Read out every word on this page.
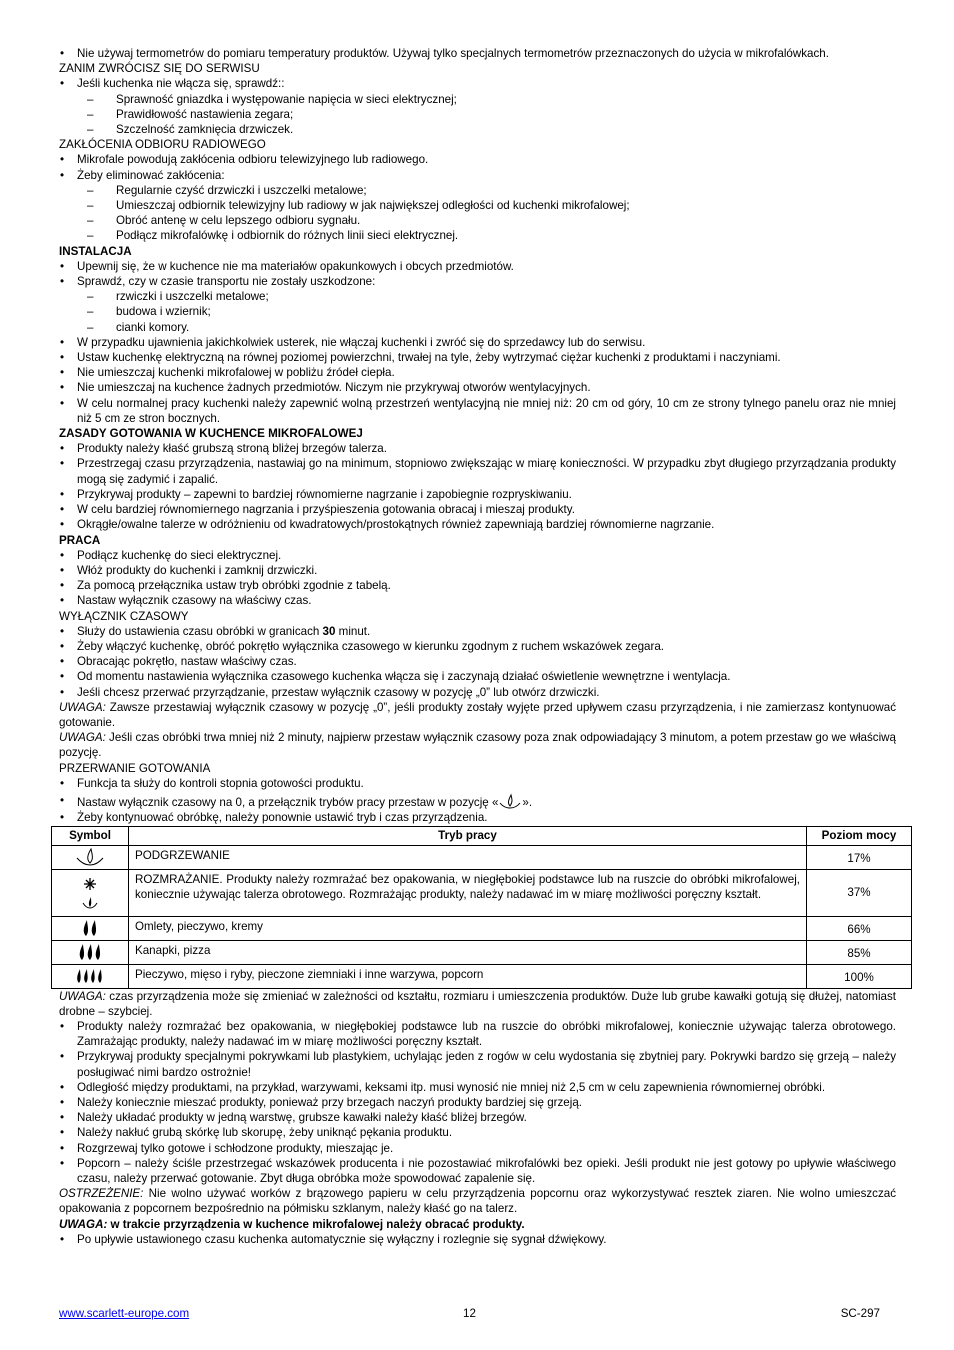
• Nie używaj termometrów do pomiaru temperatury produktów. Używaj tylko specjalnych termometrów przeznaczonych do użycia w mikrofalówkach.
ZANIM ZWRÓCISZ SIĘ DO SERWISU
• Jeśli kuchenka nie włącza się, sprawdź::
– Sprawność gniazdka i występowanie napięcia w sieci elektrycznej;
– Prawidłowość nastawienia zegara;
– Szczelność zamknięcia drzwiczek.
ZAKŁÓCENIA ODBIORU RADIOWEGO
• Mikrofale powodują zakłócenia odbioru telewizyjnego lub radiowego.
• Żeby eliminować zakłócenia:
– Regularnie czyść drzwiczki i uszczelki metalowe;
– Umieszczaj odbiornik telewizyjny lub radiowy w jak największej odległości od kuchenki mikrofalowej;
– Obróć antenę w celu lepszego odbioru sygnału.
– Podłącz mikrofalówkę i odbiornik do różnych linii sieci elektrycznej.
INSTALACJA
• Upewnij się, że w kuchence nie ma materiałów opakunkowych i obcych przedmiotów.
• Sprawdź, czy w czasie transportu nie zostały uszkodzone:
– rzwiczki i uszczelki metalowe;
– budowa i wziernik;
– cianki komory.
• W przypadku ujawnienia jakichkolwiek usterek, nie włączaj kuchenki i zwróć się do sprzedawcy lub do serwisu.
• Ustaw kuchenkę elektryczną na równej poziomej powierzchni, trwałej na tyle, żeby wytrzymać ciężar kuchenki z produktami i naczyniami.
• Nie umieszczaj kuchenki mikrofalowej w pobliżu źródeł ciepła.
• Nie umieszczaj na kuchence żadnych przedmiotów. Niczym nie przykrywaj otworów wentylacyjnych.
• W celu normalnej pracy kuchenki należy zapewnić wolną przestrzeń wentylacyjną nie mniej niż: 20 cm od góry, 10 cm ze strony tylnego panelu oraz nie mniej niż 5 cm ze stron bocznych.
ZASADY GOTOWANIA W KUCHENCE MIKROFALOWEJ
• Produkty należy kłaść grubszą stroną bliżej brzegów talerza.
• Przestrzegaj czasu przyrządzenia, nastawiaj go na minimum, stopniowo zwiększając w miarę konieczności. W przypadku zbyt długiego przyrządzania produkty mogą się zadymić i zapalić.
• Przykrywaj produkty – zapewni to bardziej równomierne nagrzanie i zapobiegnie rozpryskiwaniu.
• W celu bardziej równomiernego nagrzania i przyśpieszenia gotowania obracaj i mieszaj produkty.
• Okrągłe/owalne talerze w odróżnieniu od kwadratowych/prostokątnych również zapewniają bardziej równomierne nagrzanie.
PRACA
• Podłącz kuchenkę do sieci elektrycznej.
• Włóż produkty do kuchenki i zamknij drzwiczki.
• Za pomocą przełącznika ustaw tryb obróbki zgodnie z tabelą.
• Nastaw wyłącznik czasowy na właściwy czas.
WYŁĄCZNIK CZASOWY
• Służy do ustawienia czasu obróbki w granicach 30 minut.
• Żeby włączyć kuchenkę, obróć pokrętło wyłącznika czasowego w kierunku zgodnym z ruchem wskazówek zegara.
• Obracając pokrętło, nastaw właściwy czas.
• Od momentu nastawienia wyłącznika czasowego kuchenka włącza się i zaczynają działać oświetlenie wewnętrzne i wentylacja.
• Jeśli chcesz przerwać przyrządzanie, przestaw wyłącznik czasowy w pozycję „0” lub otwórz drzwiczki.
UWAGA: Zawsze przestawiaj wyłącznik czasowy w pozycję „0”, jeśli produkty zostały wyjęte przed upływem czasu przyrządzenia, i nie zamierzasz kontynuować gotowanie.
UWAGA: Jeśli czas obróbki trwa mniej niż 2 minuty, najpierw przestaw wyłącznik czasowy poza znak odpowiadający 3 minutom, a potem przestaw go we właściwą pozycję.
PRZERWANIE GOTOWANIA
• Funkcja ta służy do kontroli stopnia gotowości produktu.
• Nastaw wyłącznik czasowy na 0, a przełącznik trybów pracy przestaw w pozycję « ».
• Żeby kontynuować obróbkę, należy ponownie ustawić tryb i czas przyrządzenia.
Symbol	Tryb pracy	Poziom mocy

	PODGRZEWANIE	17%

	ROZMRAŻANIE. Produkty należy rozmrażać bez opakowania, w niegłębokiej podstawce lub na ruszcie do obróbki mikrofalowej, koniecznie używając talerza obrotowego. Rozmrażając produkty, należy nadawać im w miarę możliwości poręczny kształt.	37%

	Omlety, pieczywo, kremy	66%

	Kanapki, pizza	85%

	Pieczywo, mięso i ryby, pieczone ziemniaki i inne warzywa, popcorn	100%
UWAGA: czas przyrządzenia może się zmieniać w zależności od kształtu, rozmiaru i umieszczenia produktów. Duże lub grube kawałki gotują się dłużej, natomiast drobne – szybciej.
• Produkty należy rozmrażać bez opakowania, w niegłębokiej podstawce lub na ruszcie do obróbki mikrofalowej, koniecznie używając talerza obrotowego. Zamrażając produkty, należy nadawać im w miarę możliwości poręczny kształt.
• Przykrywaj produkty specjalnymi pokrywkami lub plastykiem, uchylając jeden z rogów w celu wydostania się zbytniej pary. Pokrywki bardzo się grzeją – należy posługiwać nimi bardzo ostrożnie!
• Odległość między produktami, na przykład, warzywami, keksami itp. musi wynosić nie mniej niż 2,5 cm w celu zapewnienia równomiernej obróbki.
• Należy koniecznie mieszać produkty, ponieważ przy brzegach naczyń produkty bardziej się grzeją.
• Należy układać produkty w jedną warstwę, grubsze kawałki należy kłaść bliżej brzegów.
• Należy nakłuć grubą skórkę lub skorupę, żeby uniknąć pękania produktu.
• Rozgrzewaj tylko gotowe i schłodzone produkty, mieszając je.
• Popcorn – należy ściśle przestrzegać wskazówek producenta i nie pozostawiać mikrofalówki bez opieki. Jeśli produkt nie jest gotowy po upływie właściwego czasu, należy przerwać gotowanie. Zbyt długa obróbka może spowodować zapalenie się.
OSTRZEŻENIE: Nie wolno używać worków z brązowego papieru w celu przyrządzenia popcornu oraz wykorzystywać resztek ziaren. Nie wolno umieszczać opakowania z popcornem bezpośrednio na półmisku szklanym, należy kłaść go na talerz.
UWAGA: w trakcie przyrządzenia w kuchence mikrofalowej należy obracać produkty.
• Po upływie ustawionego czasu kuchenka automatycznie się wyłączny i rozlegnie się sygnał dźwiękowy.
www.scarlett-europe.com	12	SC-297
